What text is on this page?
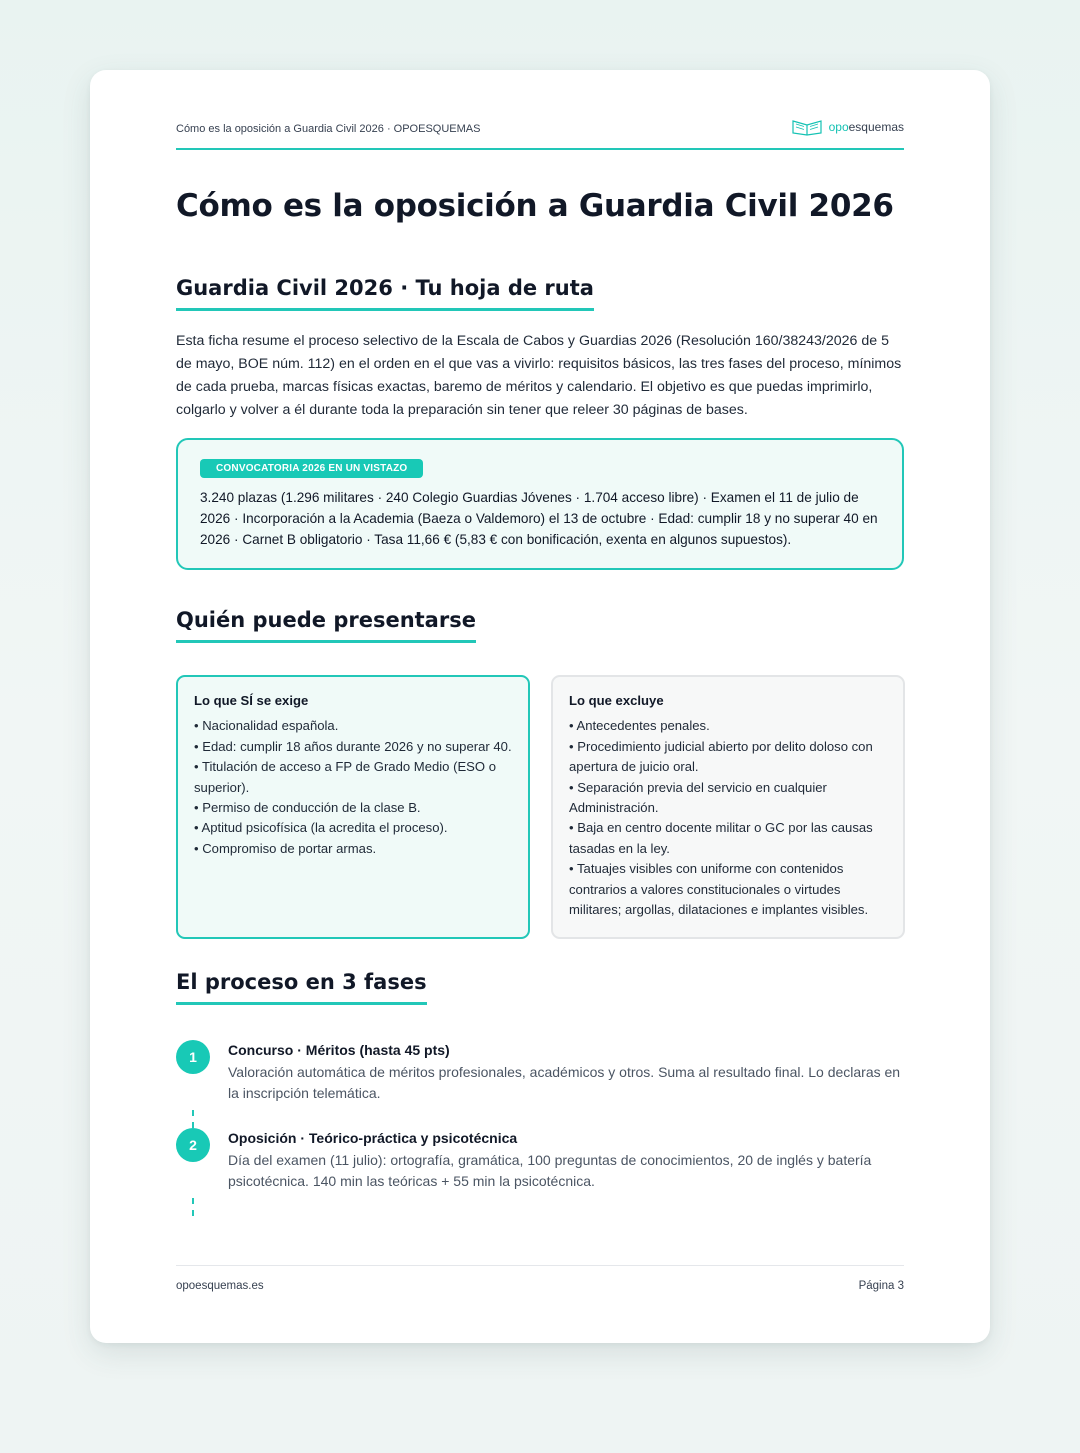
Cómo es la oposición a Guardia Civil 2026 · OPOESQUEMAS	opoesquemas
Cómo es la oposición a Guardia Civil 2026
Guardia Civil 2026 · Tu hoja de ruta

Esta ficha resume el proceso selectivo de la Escala de Cabos y Guardias 2026 (Resolución 160/38243/2026 de 5 de mayo, BOE núm. 112) en el orden en el que vas a vivirlo: requisitos básicos, las tres fases del proceso, mínimos de cada prueba, marcas físicas exactas, baremo de méritos y calendario. El objetivo es que puedas imprimirlo, colgarlo y volver a él durante toda la preparación sin tener que releer 30 páginas de bases.

CONVOCATORIA 2026 EN UN VISTAZO

3.240 plazas (1.296 militares · 240 Colegio Guardias Jóvenes · 1.704 acceso libre) · Examen el 11 de julio de 2026 · Incorporación a la Academia (Baeza o Valdemoro) el 13 de octubre · Edad: cumplir 18 y no superar 40 en 2026 · Carnet B obligatorio · Tasa 11,66 € (5,83 € con bonificación, exenta en algunos supuestos).

Quién puede presentarse
Lo que SÍ se exige

• Nacionalidad española.

• Edad: cumplir 18 años durante 2026 y no superar 40.

• Titulación de acceso a FP de Grado Medio (ESO o superior).

• Permiso de conducción de la clase B.

• Aptitud psicofísica (la acredita el proceso).

• Compromiso de portar armas.

Lo que excluye

• Antecedentes penales.

• Procedimiento judicial abierto por delito doloso con apertura de juicio oral.

• Separación previa del servicio en cualquier Administración.

• Baja en centro docente militar o GC por las causas tasadas en la ley.

• Tatuajes visibles con uniforme con contenidos contrarios a valores constitucionales o virtudes militares; argollas, dilataciones e implantes visibles.

El proceso en 3 fases
1	Concurso · Méritos (hasta 45 pts)
Valoración automática de méritos profesionales, académicos y otros. Suma al resultado final. Lo declaras en la inscripción telemática.
2	Oposición · Teórico-práctica y psicotécnica
Día del examen (11 julio): ortografía, gramática, 100 preguntas de conocimientos, 20 de inglés y batería psicotécnica. 140 min las teóricas + 55 min la psicotécnica.
opoesquemas.es	Página 3
